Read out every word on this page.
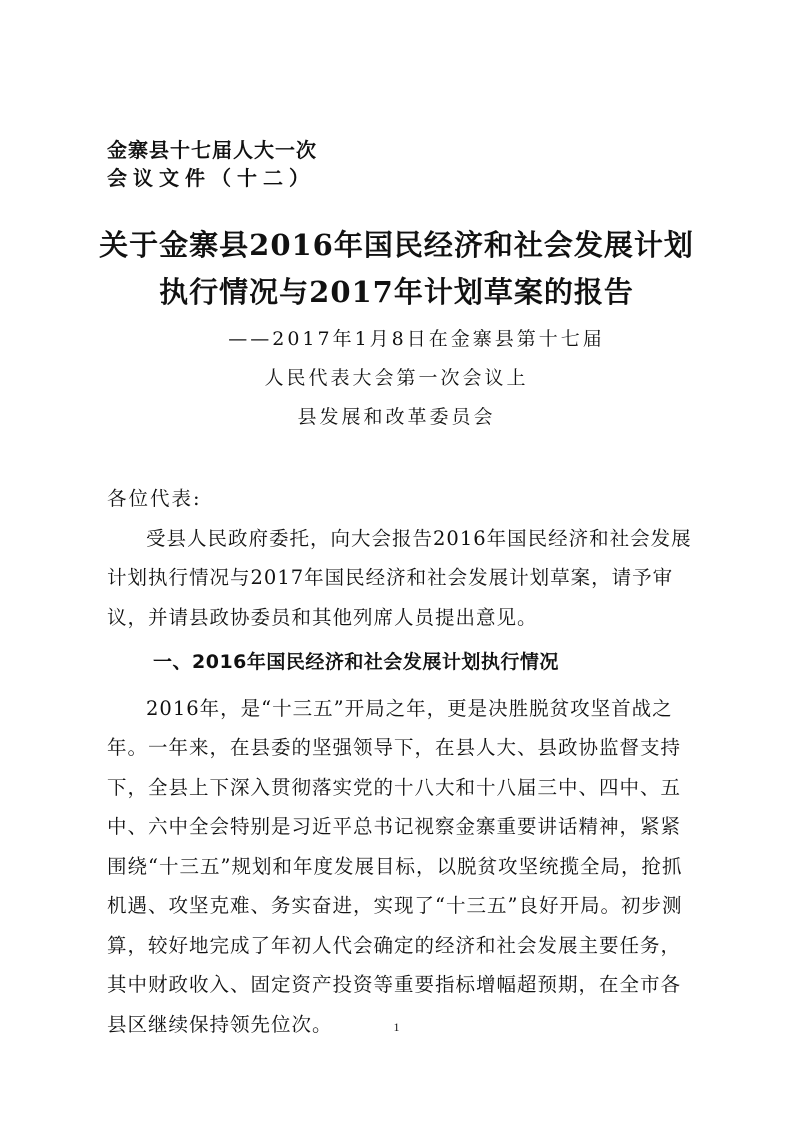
金寨县十七届人大一次
会议文件（十二）
关于金寨县2016年国民经济和社会发展计划
执行情况与2017年计划草案的报告
——2017年1月8日在金寨县第十七届
人民代表大会第一次会议上
县发展和改革委员会

各位代表:

受县人民政府委托，向大会报告2016年国民经济和社会发展计划执行情况与2017年国民经济和社会发展计划草案，请予审议，并请县政协委员和其他列席人员提出意见。

一、2016年国民经济和社会发展计划执行情况

2016年，是“十三五”开局之年，更是决胜脱贫攻坚首战之年。一年来，在县委的坚强领导下，在县人大、县政协监督支持下，全县上下深入贯彻落实党的十八大和十八届三中、四中、五中、六中全会特别是习近平总书记视察金寨重要讲话精神，紧紧围绕“十三五”规划和年度发展目标，以脱贫攻坚统揽全局，抢抓机遇、攻坚克难、务实奋进，实现了“十三五”良好开局。初步测算，较好地完成了年初人代会确定的经济和社会发展主要任务，其中财政收入、固定资产投资等重要指标增幅超预期，在全市各县区继续保持领先位次。	1
